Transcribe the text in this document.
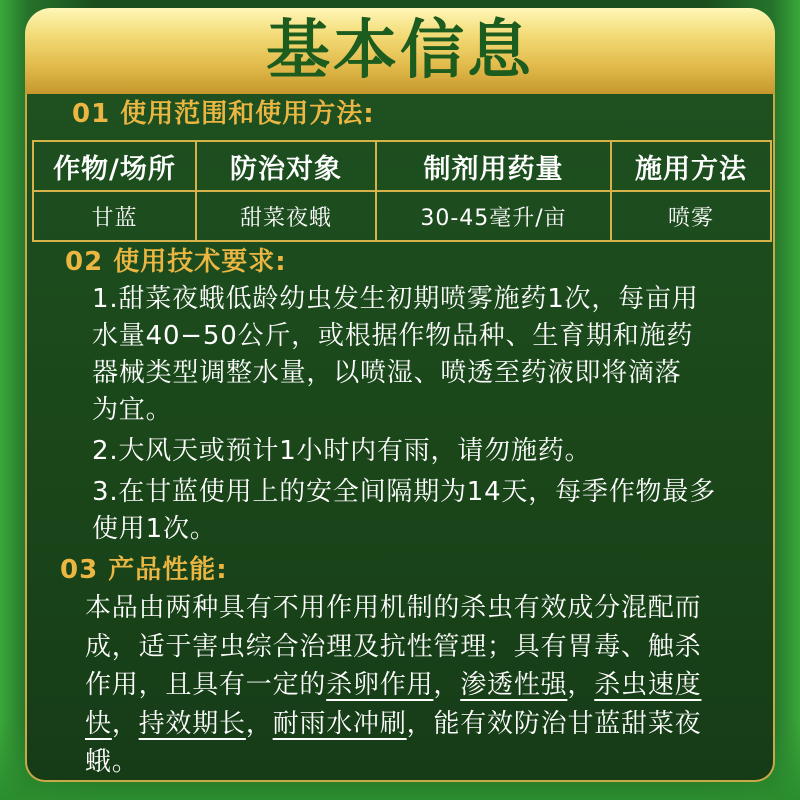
基本信息
01 使用范围和使用方法:
作物/场所	防治对象	制剂用药量	施用方法
甘蓝	甜菜夜蛾	30-45毫升/亩	喷雾
02 使用技术要求:
1.甜菜夜蛾低龄幼虫发生初期喷雾施药1次，每亩用
水量40−50公斤，或根据作物品种、生育期和施药
器械类型调整水量，以喷湿、喷透至药液即将滴落
为宜。
2.大风天或预计1小时内有雨，请勿施药。
3.在甘蓝使用上的安全间隔期为14天，每季作物最多
使用1次。
03 产品性能:
本品由两种具有不用作用机制的杀虫有效成分混配而
成，适于害虫综合治理及抗性管理；具有胃毒、触杀
作用，且具有一定的杀卵作用，渗透性强，杀虫速度
快，持效期长，耐雨水冲刷，能有效防治甘蓝甜菜夜
蛾。
